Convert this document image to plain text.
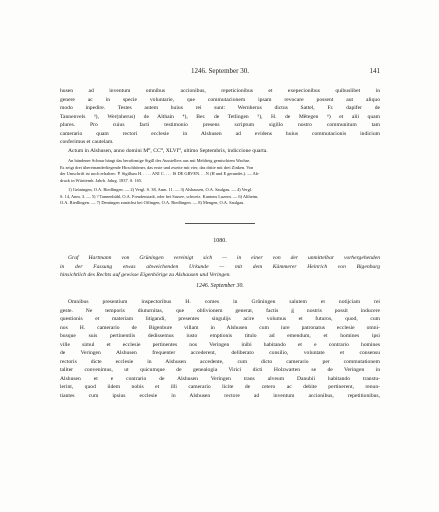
1246. September 30.	141
husen ad inventum omnibus accionibus, repeticionibus et exepecionibus quibuslibet in
genere ac in specie voluntarie, que commutacionem ipsam revocare possent aut aliquo
modo inpedire. Testes autem huius rei sunt: Wernherus dictus Sattel, Fr. dapifer de
Tannenvels ³), Wer(nherus) de Althain ⁴), Ber. de Tetlingen ⁵), H. de Mětegen ⁶) et alii quam
plures. Pro cuius facti testimonio presens scriptum sigillo nostro communitum tam
camerario quam rectori ecclesie in Alshusen ad evidens huius commutacionis indicium
conferimus et cautelam.
Actum in Alshusen, anno domini M⁰, CC⁰, XLVI⁰, ultimo Septembris, indiccione quarta.
An bündener Schnur hängt das beraftrmige Sigill des Ausstellers aus mit Mehlteig gemischtem Wachse.
Es zeigt drei übereinanderliegende Hirschhörner, das erste und zweite mit vier, das dritte mit drei Zinken. Von
der Umschrift ist noch erhalten: ✝ Sigillum H. . . . . ANI C. . . . IS DE GRVEN. . . N (H und E gerundet.). — Ab-
druck in Württemb. Jahrb. Jahrg. 1837. S. 165.
1) Grüningen, O.A. Riedlingen. — 2) Vergl. S. 38, Anm. 11. — 3) Alshausen, O.A. Saulgau. — 4) Vergl.
S. 14, Anm. 3. — 5) ? Tannenbühl, O.A. Freudenstadt, oder bei Sursee, schweiz. Kantons Luzern. — 6) Altheim,
O.A. Riedlingen. — 7) Dentingen zunächst bei Offingen, O.A. Riedlingen. — 8) Mengen, O.A. Saulgau.
1080.
Graf Hartmann von Grüningen vereinigt sich — in einer von der unmittelbar vorhergehenden
in der Fassung etwas abweichenden Urkunde — mit dem Kämmerer Heinrich von Bigenburg
hinsichtlich des Rechts auf gewisse Eigenhörige zu Alshausen und Veringen.
1246. September 30.
Omnibus presentium inspectoribus H. comes in Grůningen salutem et notijciam rei
geste. Ne temporis diuturnitas, que oblivionem generat, factis ǵ nostris possit inducere
questionis et materiam litigandi, presentes singulijs acire volumus et futuros, quod, cum
nos H. camerario de Bigenbure villam in Alshusen cum iure patronatus ecclesie omni-
busque suis pertinentiis dedissemus iusto emptionis titulo ad emendum, et homines ipsi
ville simul et ecclesie pertinentes nos Veringen inibi habitando et e contrario homines
de Veringen Alshusen frequenter accederent, deliberato consilio, voluntate et consensu
rectoris dicte ecclesie in Alshusen accedente, cum dicto camerario per commutationem
taliter convenimus, ut quicumque de genealogia Virici dicti Holzwarten se de Veringen in
Alshusen et e contrario de Alshusen Veringen trans alveum Danubii habitando transtu-
lerint, quod iidem nobis et illi camerario licite de cetero ac debite pertinerent, renun-
tiantes cum ipsius ecclesie in Alshusen rectore ad inventum accionibus, repetitionibus,
